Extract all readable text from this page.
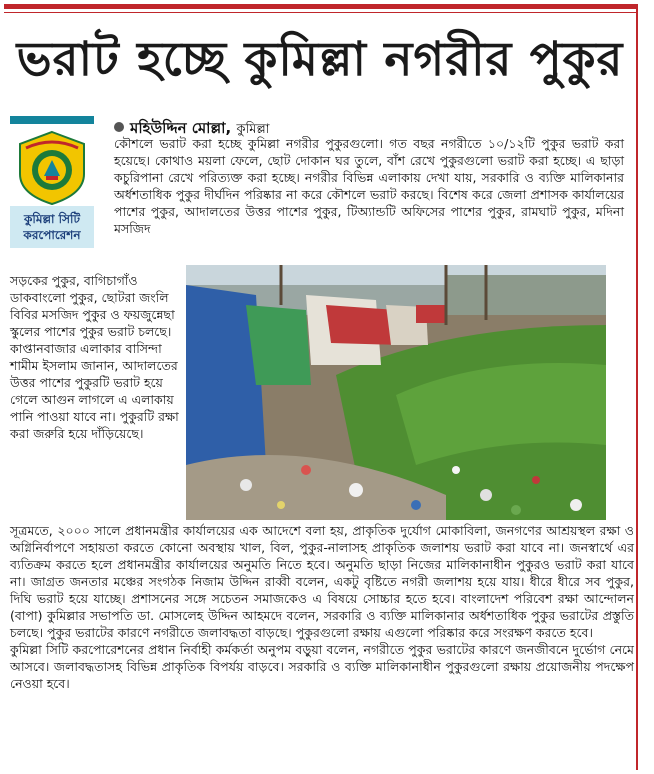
ভরাট হচ্ছে কুমিল্লা নগরীর পুকুর
কুমিল্লা সিটি করপোরেশন
মহিউদ্দিন মোল্লা, কুমিল্লা
কৌশলে ভরাট করা হচ্ছে কুমিল্লা নগরীর পুকুরগুলো। গত বছর নগরীতে ১০/১২টি পুকুর ভরাট করা হয়েছে। কোথাও ময়লা ফেলে, ছোট দোকান ঘর তুলে, বাঁশ রেখে পুকুরগুলো ভরাট করা হচ্ছে। এ ছাড়া কচুরিপানা রেখে পরিত্যক্ত করা হচ্ছে। নগরীর বিভিন্ন এলাকায় দেখা যায়, সরকারি ও ব্যক্তি মালিকানার অর্ধশতাধিক পুকুর দীর্ঘদিন পরিষ্কার না করে কৌশলে ভরাট করছে। বিশেষ করে জেলা প্রশাসক কার্যালয়ের পাশের পুকুর, আদালতের উত্তর পাশের পুকুর, টিঅ্যান্ডটি অফিসের পাশের পুকুর, রামঘাট পুকুর, মদিনা মসজিদ
সড়কের পুকুর, বাগিচাগাঁও ডাকবাংলো পুকুর, ছোটরা জংলি বিবির মসজিদ পুকুর ও ফয়জুন্নেছা স্কুলের পাশের পুকুর ভরাট চলছে। কাপ্তানবাজার এলাকার বাসিন্দা শামীম ইসলাম জানান, আদালতের উত্তর পাশের পুকুরটি ভরাট হয়ে গেলে আগুন লাগলে এ এলাকায় পানি পাওয়া যাবে না। পুকুরটি রক্ষা করা জরুরি হয়ে দাঁড়িয়েছে।

সূত্রমতে, ২০০০ সালে প্রধানমন্ত্রীর কার্যালয়ের এক আদেশে বলা হয়, প্রাকৃতিক দুর্যোগ মোকাবিলা, জনগণের আশ্রয়স্থল রক্ষা ও অগ্নিনির্বাপণে সহায়তা করতে কোনো অবস্থায় খাল, বিল, পুকুর-নালাসহ প্রাকৃতিক জলাশয় ভরাট করা যাবে না। জনস্বার্থে এর ব্যতিক্রম করতে হলে প্রধানমন্ত্রীর কার্যালয়ের অনুমতি নিতে হবে। অনুমতি ছাড়া নিজের মালিকানাধীন পুকুরও ভরাট করা যাবে না। জাগ্রত জনতার মঞ্চের সংগঠক নিজাম উদ্দিন রাব্বী বলেন, একটু বৃষ্টিতে নগরী জলাশয় হয়ে যায়। ধীরে ধীরে সব পুকুর, দিঘি ভরাট হয়ে যাচ্ছে। প্রশাসনের সঙ্গে সচেতন সমাজকেও এ বিষয়ে সোচ্চার হতে হবে। বাংলাদেশ পরিবেশ রক্ষা আন্দোলন (বাপা) কুমিল্লার সভাপতি ডা. মোসলেহ উদ্দিন আহমদে বলেন, সরকারি ও ব্যক্তি মালিকানার অর্ধশতাধিক পুকুর ভরাটের প্রস্তুতি চলছে। পুকুর ভরাটের কারণে নগরীতে জলাবদ্ধতা বাড়ছে। পুকুরগুলো রক্ষায় এগুলো পরিষ্কার করে সংরক্ষণ করতে হবে।

কুমিল্লা সিটি করপোরেশনের প্রধান নির্বাহী কর্মকর্তা অনুপম বড়ুয়া বলেন, নগরীতে পুকুর ভরাটের কারণে জনজীবনে দুর্ভোগ নেমে আসবে। জলাবদ্ধতাসহ বিভিন্ন প্রাকৃতিক বিপর্যয় বাড়বে। সরকারি ও ব্যক্তি মালিকানাধীন পুকুরগুলো রক্ষায় প্রয়োজনীয় পদক্ষেপ নেওয়া হবে।
